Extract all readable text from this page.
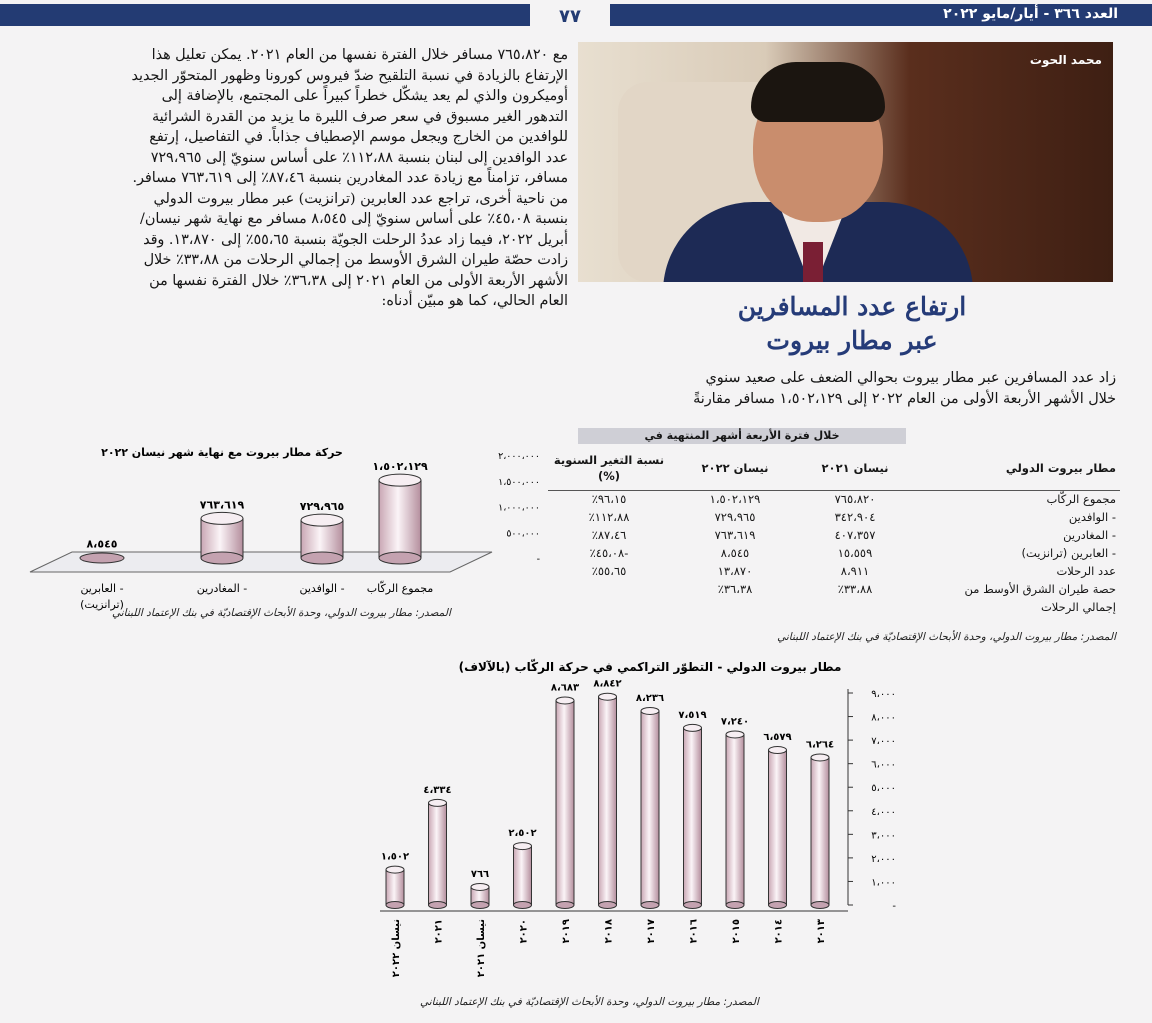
٧٧	العدد ٣٦٦ - أيار/مايو ٢٠٢٢
محمد الحوت
ارتفاع عدد المسافرين
عبر مطار بيروت
زاد عدد المسافرين عبر مطار بيروت بحوالي الضعف على صعيد سنوي
خلال الأشهر الأربعة الأولى من العام ٢٠٢٢ إلى ١،٥٠٢،١٢٩ مسافر مقارنةً
مع ٧٦٥،٨٢٠ مسافر خلال الفترة نفسها من العام ٢٠٢١. يمكن تعليل هذا
الإرتفاع بالزيادة في نسبة التلقيح ضدّ فيروس كورونا وظهور المتحوّر الجديد
أوميكرون والذي لم يعد يشكّل خطراً كبيراً على المجتمع، بالإضافة إلى
التدهور الغير مسبوق في سعر صرف الليرة ما يزيد من القدرة الشرائية
للوافدين من الخارج ويجعل موسم الإصطياف جذاباً. في التفاصيل، إرتفع
عدد الوافدين إلى لبنان بنسبة ١١٢،٨٨٪ على أساس سنويّ إلى ٧٢٩،٩٦٥
مسافر، تزامناً مع زيادة عدد المغادرين بنسبة ٨٧،٤٦٪ إلى ٧٦٣،٦١٩ مسافر.
من ناحية أخرى، تراجع عدد العابرين (ترانزيت) عبر مطار بيروت الدولي
بنسبة ٤٥،٠٨٪ على أساس سنويّ إلى ٨،٥٤٥ مسافر مع نهاية شهر نيسان/
أبريل ٢٠٢٢، فيما زاد عددُ الرحلت الجويّة بنسبة ٥٥،٦٥٪ إلى ١٣،٨٧٠. وقد
زادت حصّة طيران الشرق الأوسط من إجمالي الرحلات من ٣٣،٨٨٪ خلال
الأشهر الأربعة الأولى من العام ٢٠٢١ إلى ٣٦،٣٨٪ خلال الفترة نفسها من
العام الحالي، كما هو مبيّن أدناه:
خلال فترة الأربعة أشهر المنتهية في
مطار بيروت الدولي	نيسان ٢٠٢١	نيسان ٢٠٢٢	نسبة التغير السنوية (%)
مجموع الركّاب	٧٦٥،٨٢٠	١،٥٠٢،١٢٩	٩٦،١٥٪
- الوافدين	٣٤٢،٩٠٤	٧٢٩،٩٦٥	١١٢،٨٨٪
- المغادرين	٤٠٧،٣٥٧	٧٦٣،٦١٩	٨٧،٤٦٪
- العابرين (ترانزيت)	١٥،٥٥٩	٨،٥٤٥	-٤٥،٠٨٪
عدد الرحلات	٨،٩١١	١٣،٨٧٠	٥٥،٦٥٪
حصة طيران الشرق الأوسط من	٣٣،٨٨٪	٣٦،٣٨٪	
إجمالي الرحلات			
المصدر: مطار بيروت الدولي، وحدة الأبحاث الإقتصاديّة في بنك الإعتماد اللبناني
حركة مطار بيروت مع نهاية شهر نيسان ٢٠٢٢	٢،٠٠٠،٠٠٠
١،٥٠٠،٠٠٠
١،٠٠٠،٠٠٠
٥٠٠،٠٠٠
-
١،٥٠٢،١٢٩
مجموع الركّاب
٧٢٩،٩٦٥
- الوافدين
٧٦٣،٦١٩
- المغادرين
٨،٥٤٥
- العابرين
(ترانزيت)
المصدر: مطار بيروت الدولي، وحدة الأبحاث الإقتصاديّة في بنك الإعتماد اللبناني
مطار بيروت الدولي - التطوّر التراكمي في حركة الركّاب (بالآلاف)
٩،٠٠٠
٨،٠٠٠
٧،٠٠٠
٦،٠٠٠
٥،٠٠٠
٤،٠٠٠
٣،٠٠٠
٢،٠٠٠
١،٠٠٠
-
٦،٢٦٤
٢٠١٣
٦،٥٧٩
٢٠١٤
٧،٢٤٠
٢٠١٥
٧،٥١٩
٢٠١٦
٨،٢٣٦
٢٠١٧
٨،٨٤٢
٢٠١٨
٨،٦٨٣
٢٠١٩
٢،٥٠٢
٢٠٢٠
٧٦٦
نيسان ٢٠٢١
٤،٣٣٤
٢٠٢١
١،٥٠٢
نيسان ٢٠٢٢
المصدر: مطار بيروت الدولي، وحدة الأبحاث الإقتصاديّة في بنك الإعتماد اللبناني
